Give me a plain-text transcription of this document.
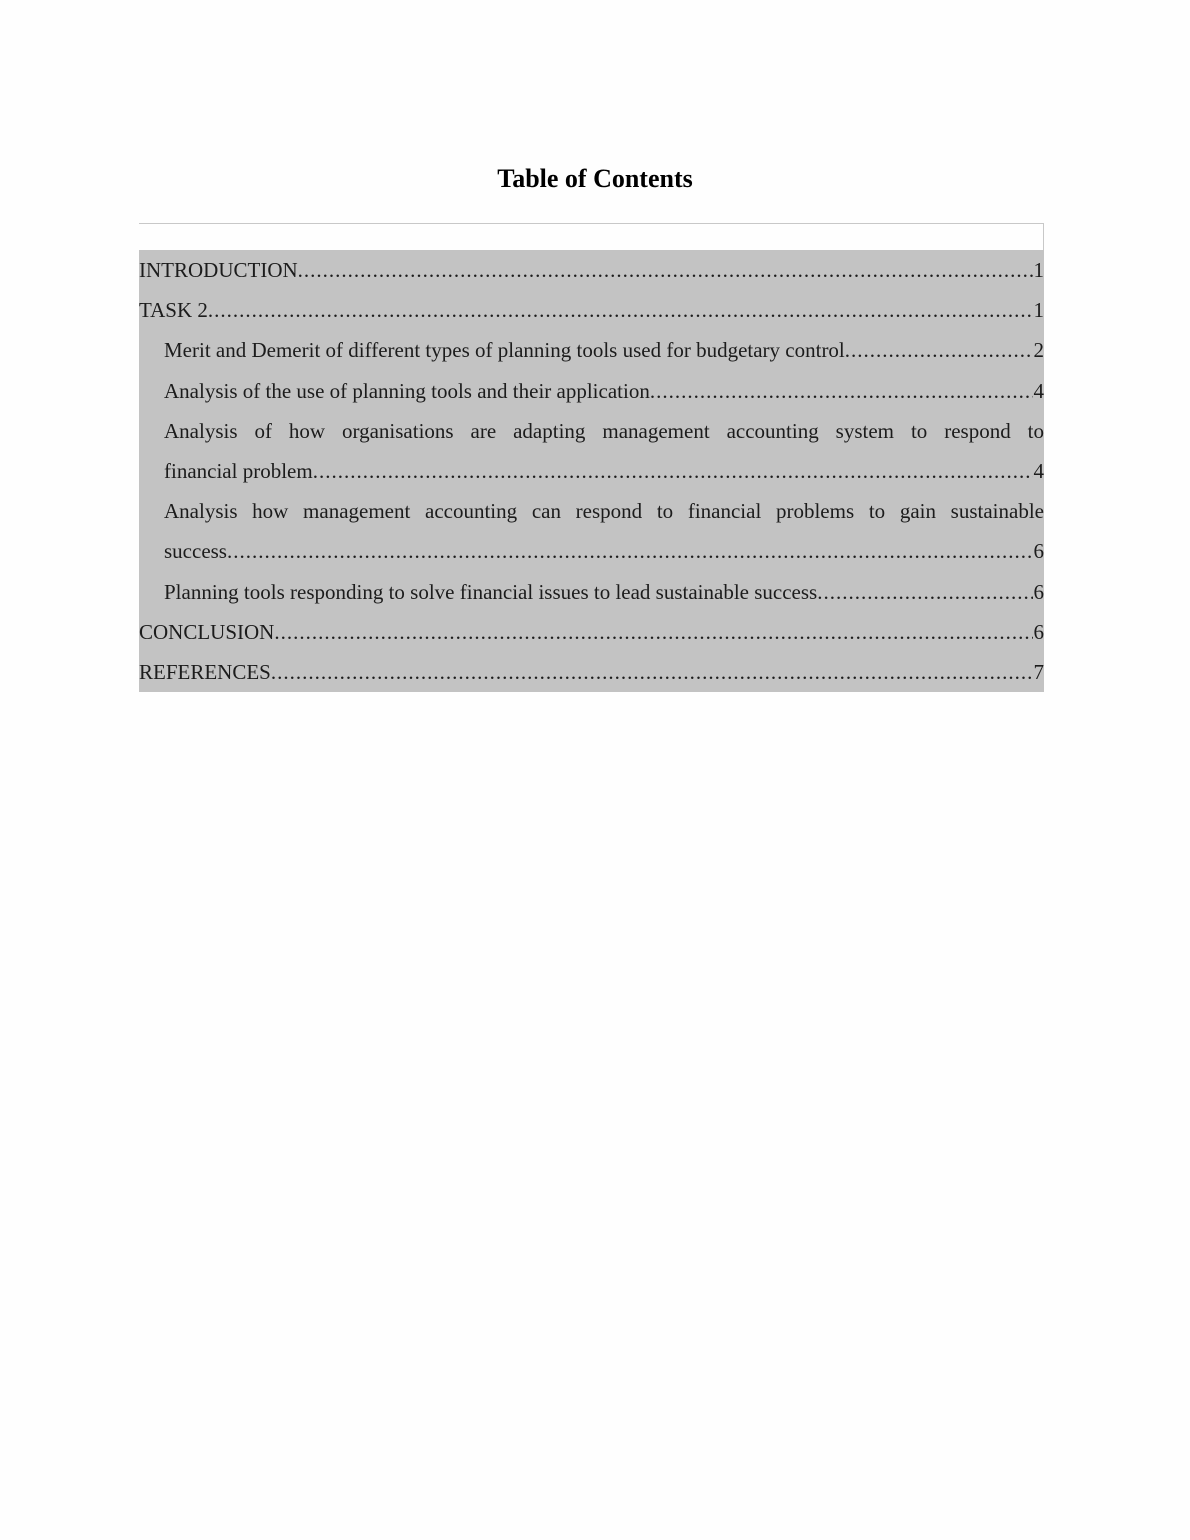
Table of Contents
INTRODUCTION .....	1
TASK 2 .....	1
Merit and Demerit of different types of planning tools used for budgetary control .....	2
Analysis of the use of planning tools and their application .....	4
Analysis of how organisations are adapting management accounting system to respond to
financial problem .....	4
Analysis how management accounting can respond to financial problems to gain sustainable
success .....	6
Planning tools responding to solve financial issues to lead sustainable success .....	6
CONCLUSION .....	6
REFERENCES .....	7
